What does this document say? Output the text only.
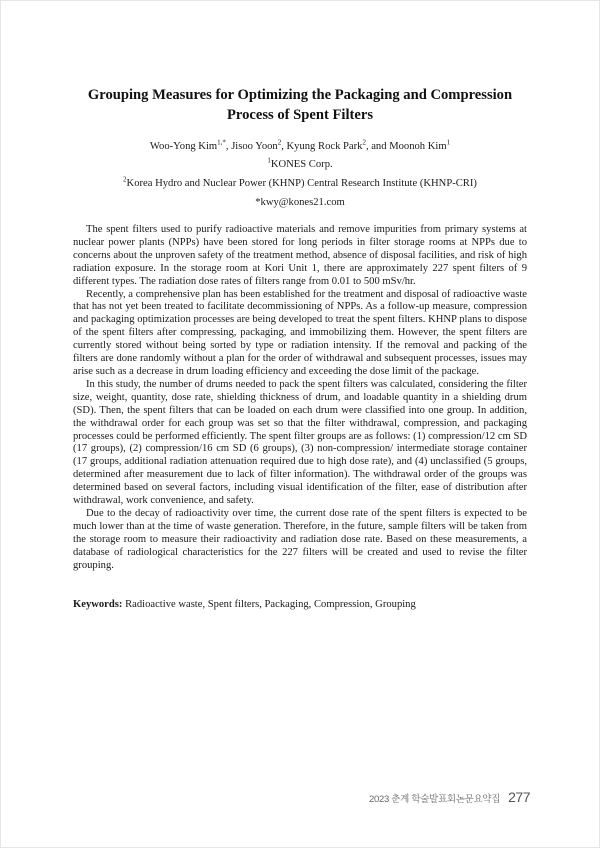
Grouping Measures for Optimizing the Packaging and Compression Process of Spent Filters
Woo-Yong Kim$^{1,*}$, Jisoo Yoon$^2$, Kyung Rock Park$^2$, and Moonoh Kim$^1$
$^1$KONES Corp.
$^2$Korea Hydro and Nuclear Power (KHNP) Central Research Institute (KHNP-CRI)
*kwy@kones21.com

The spent filters used to purify radioactive materials and remove impurities from primary systems at nuclear power plants (NPPs) have been stored for long periods in filter storage rooms at NPPs due to concerns about the unproven safety of the treatment method, absence of disposal facilities, and risk of high radiation exposure. In the storage room at Kori Unit 1, there are approximately 227 spent filters of 9 different types. The radiation dose rates of filters range from 0.01 to 500 mSv/hr.

Recently, a comprehensive plan has been established for the treatment and disposal of radioactive waste that has not yet been treated to facilitate decommissioning of NPPs. As a follow-up measure, compression and packaging optimization processes are being developed to treat the spent filters. KHNP plans to dispose of the spent filters after compressing, packaging, and immobilizing them. However, the spent filters are currently stored without being sorted by type or radiation intensity. If the removal and packing of the filters are done randomly without a plan for the order of withdrawal and subsequent processes, issues may arise such as a decrease in drum loading efficiency and exceeding the dose limit of the package.

In this study, the number of drums needed to pack the spent filters was calculated, considering the filter size, weight, quantity, dose rate, shielding thickness of drum, and loadable quantity in a shielding drum (SD). Then, the spent filters that can be loaded on each drum were classified into one group. In addition, the withdrawal order for each group was set so that the filter withdrawal, compression, and packaging processes could be performed efficiently. The spent filter groups are as follows: (1) compression/12 cm SD (17 groups), (2) compression/16 cm SD (6 groups), (3) non-compression/ intermediate storage container (17 groups, additional radiation attenuation required due to high dose rate), and (4) unclassified (5 groups, determined after measurement due to lack of filter information). The withdrawal order of the groups was determined based on several factors, including visual identification of the filter, ease of distribution after withdrawal, work convenience, and safety.

Due to the decay of radioactivity over time, the current dose rate of the spent filters is expected to be much lower than at the time of waste generation. Therefore, in the future, sample filters will be taken from the storage room to measure their radioactivity and radiation dose rate. Based on these measurements, a database of radiological characteristics for the 227 filters will be created and used to revise the filter grouping.

Keywords: Radioactive waste, Spent filters, Packaging, Compression, Grouping
2023 춘계 학술발표회논문요약집 277
